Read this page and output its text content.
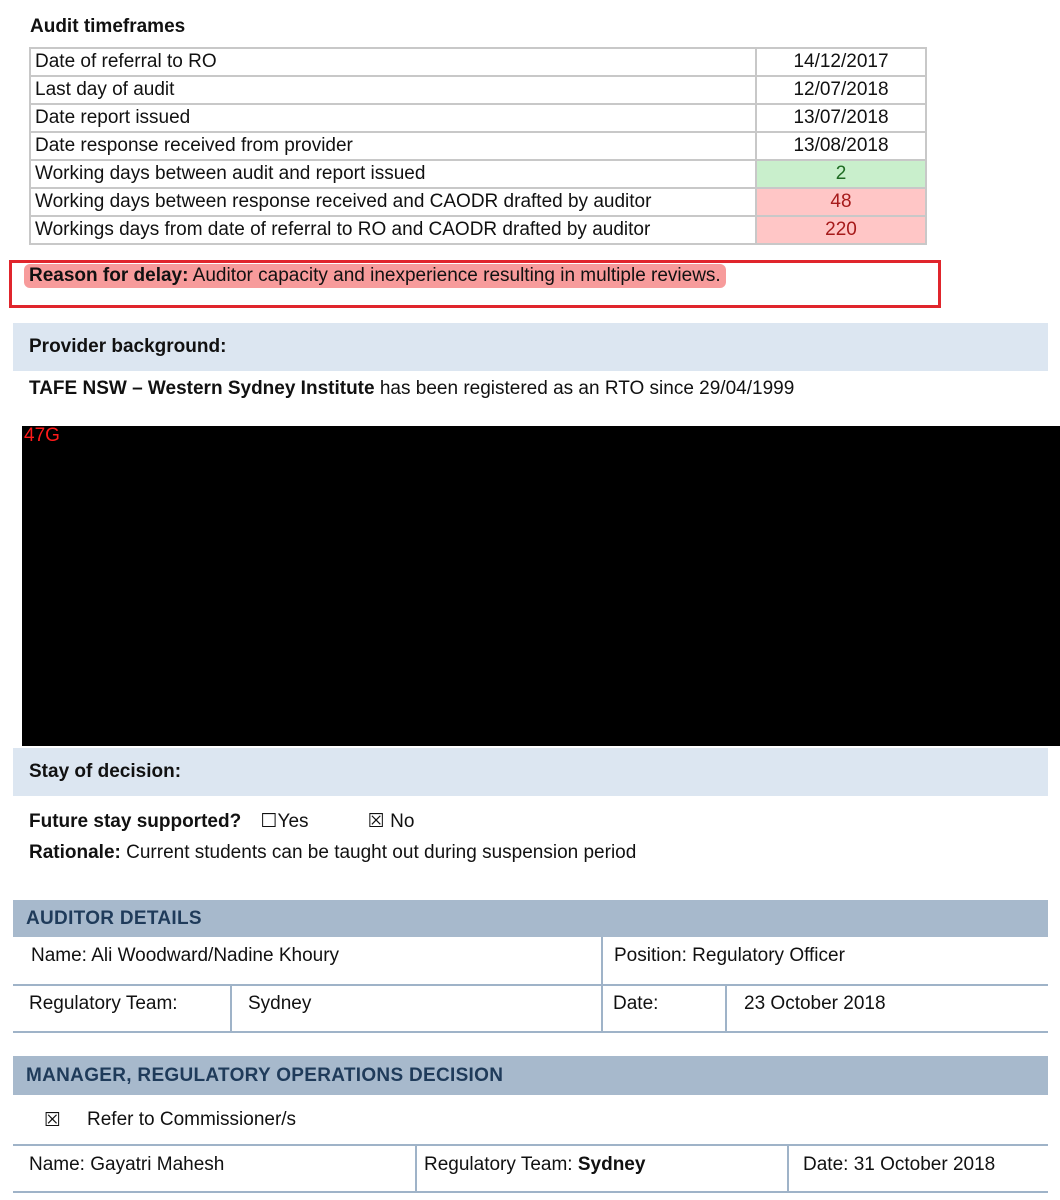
Audit timeframes
Date of referral to RO	14/12/2017
Last day of audit	12/07/2018
Date report issued	13/07/2018
Date response received from provider	13/08/2018
Working days between audit and report issued	2
Working days between response received and CAODR drafted by auditor	48
Workings days from date of referral to RO and CAODR drafted by auditor	220
Reason for delay: Auditor capacity and inexperience resulting in multiple reviews.
Provider background:
TAFE NSW – Western Sydney Institute has been registered as an RTO since 29/04/1999
47G
Stay of decision:
Future stay supported? ☐Yes	☒ No
Rationale: Current students can be taught out during suspension period
AUDITOR DETAILS
Name: Ali Woodward/Nadine Khoury	Position: Regulatory Officer
Regulatory Team:	Sydney	Date:	23 October 2018
MANAGER, REGULATORY OPERATIONS DECISION
☒ Refer to Commissioner/s
Name: Gayatri Mahesh	Regulatory Team: Sydney	Date: 31 October 2018
